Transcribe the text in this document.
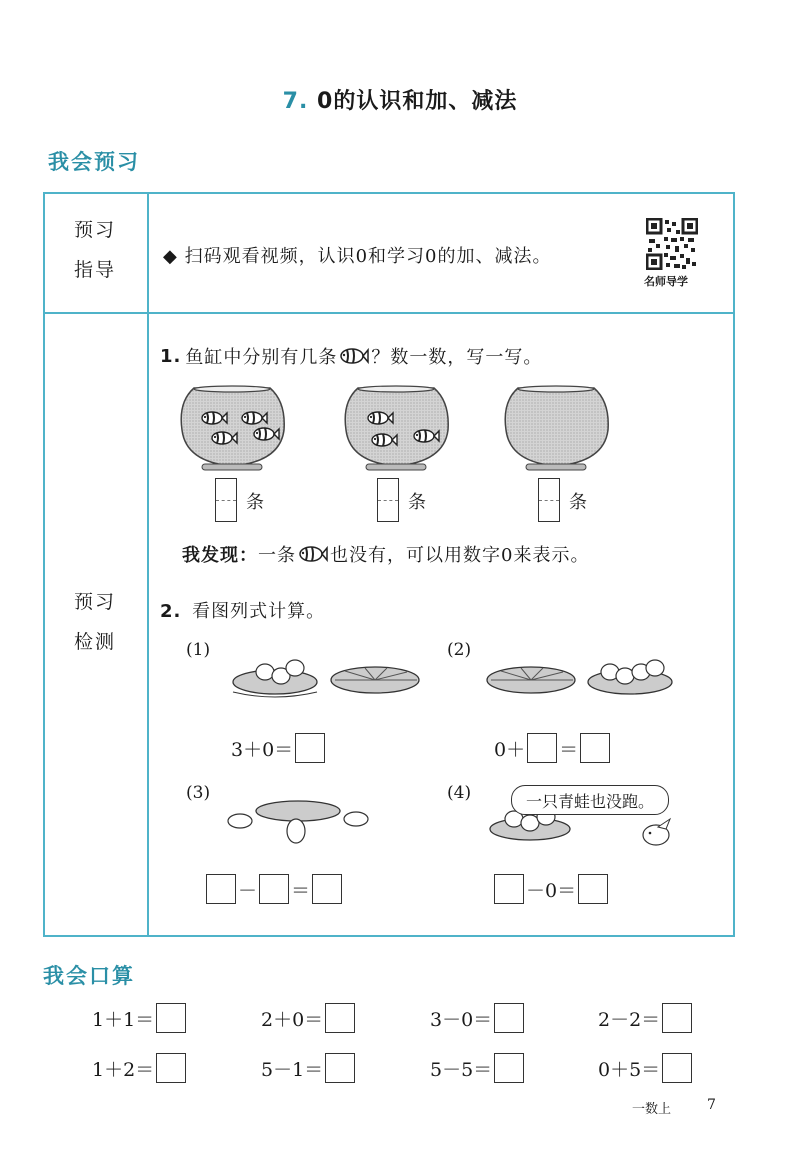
7. 0的认识和加、减法
我会预习
预习
指导
◆ 扫码观看视频，认识0和学习0的加、减法。
名师导学
预习
检测
1. 鱼缸中分别有几条 ？数一数，写一写。
条	条	条
我发现： 一条 也没有，可以用数字0来表示。
2. 看图列式计算。
(1)	(2)
(3)	(4)	一只青蛙也没跑。
3＋0＝	0＋ ＝
－ ＝	－0＝
我会口算
1＋1＝	2＋0＝	3－0＝	2－2＝
1＋2＝	5－1＝	5－5＝	0＋5＝
一数上	7
